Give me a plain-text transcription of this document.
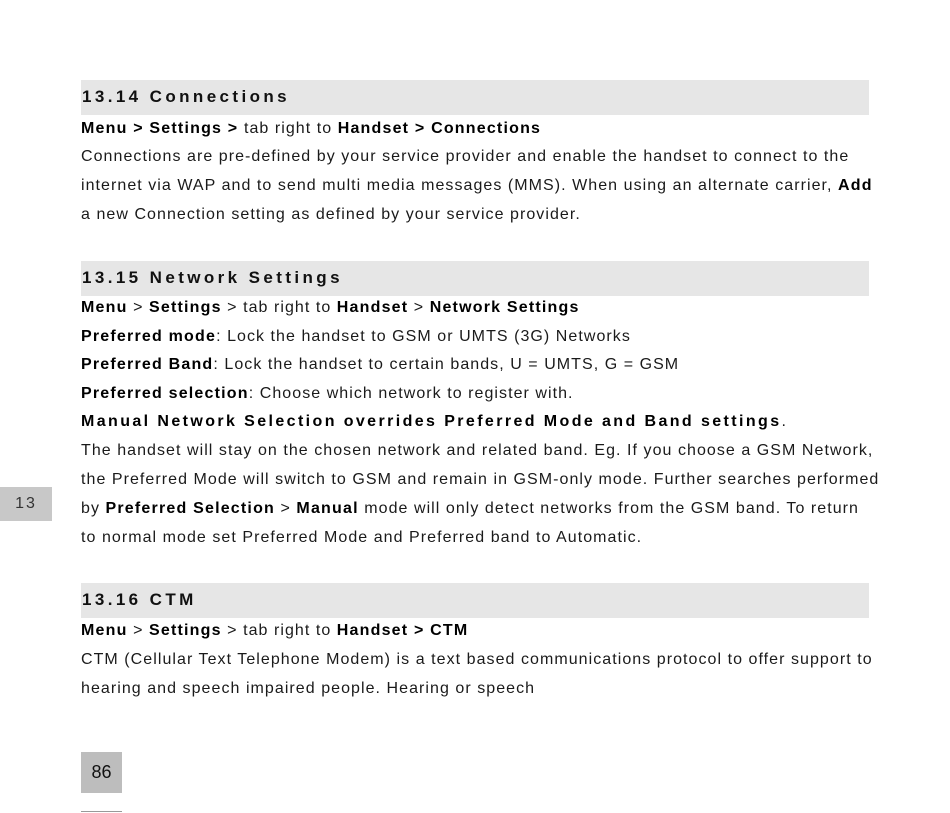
13.14 Connections

Menu > Settings > tab right to Handset > Connections

Connections are pre-defined by your service provider and enable the handset to connect to the

internet via WAP and to send multi media messages (MMS). When using an alternate carrier, Add

a new Connection setting as defined by your service provider.

13.15 Network Settings

Menu > Settings > tab right to Handset > Network Settings

Preferred mode: Lock the handset to GSM or UMTS (3G) Networks

Preferred Band: Lock the handset to certain bands, U = UMTS, G = GSM

Preferred selection: Choose which network to register with.

Manual Network Selection overrides Preferred Mode and Band settings.

The handset will stay on the chosen network and related band. Eg. If you choose a GSM Network,

the Preferred Mode will switch to GSM and remain in GSM-only mode. Further searches performed

by Preferred Selection > Manual mode will only detect networks from the GSM band. To return

to normal mode set Preferred Mode and Preferred band to Automatic.

13.16 CTM

Menu > Settings > tab right to Handset > CTM

CTM (Cellular Text Telephone Modem) is a text based communications protocol to offer support to

hearing and speech impaired people. Hearing or speech

13
86
